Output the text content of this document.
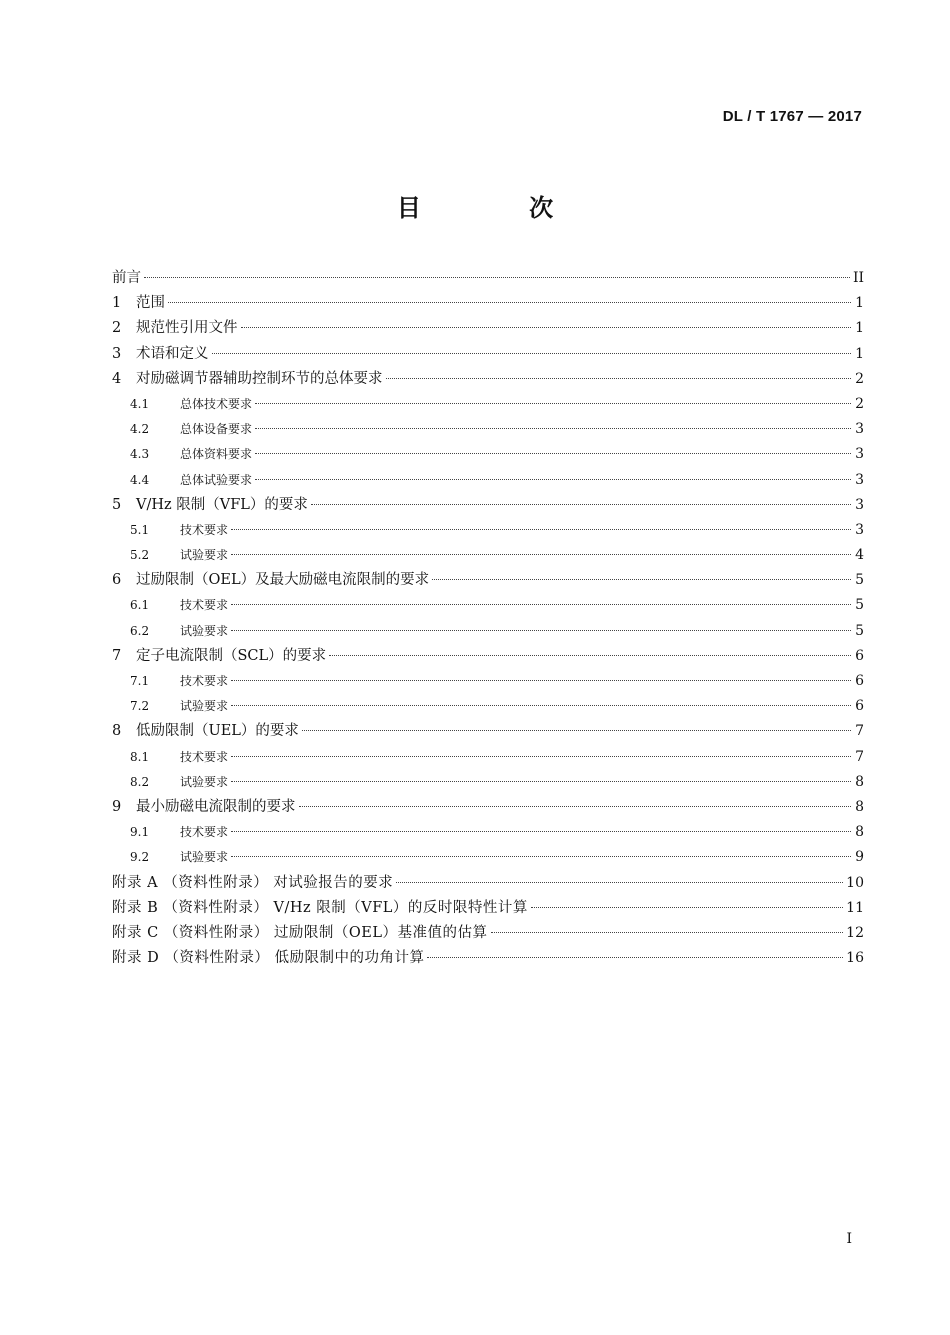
DL / T 1767 — 2017
目 次
前言	II
1	范围	1
2	规范性引用文件	1
3	术语和定义	1
4	对励磁调节器辅助控制环节的总体要求	2
4.1	总体技术要求	2
4.2	总体设备要求	3
4.3	总体资料要求	3
4.4	总体试验要求	3
5	V/Hz 限制（VFL）的要求	3
5.1	技术要求	3
5.2	试验要求	4
6	过励限制（OEL）及最大励磁电流限制的要求	5
6.1	技术要求	5
6.2	试验要求	5
7	定子电流限制（SCL）的要求	6
7.1	技术要求	6
7.2	试验要求	6
8	低励限制（UEL）的要求	7
8.1	技术要求	7
8.2	试验要求	8
9	最小励磁电流限制的要求	8
9.1	技术要求	8
9.2	试验要求	9
附录 A （资料性附录） 对试验报告的要求	10
附录 B （资料性附录） V/Hz 限制（VFL）的反时限特性计算	11
附录 C （资料性附录） 过励限制（OEL）基准值的估算	12
附录 D （资料性附录） 低励限制中的功角计算	16
I
